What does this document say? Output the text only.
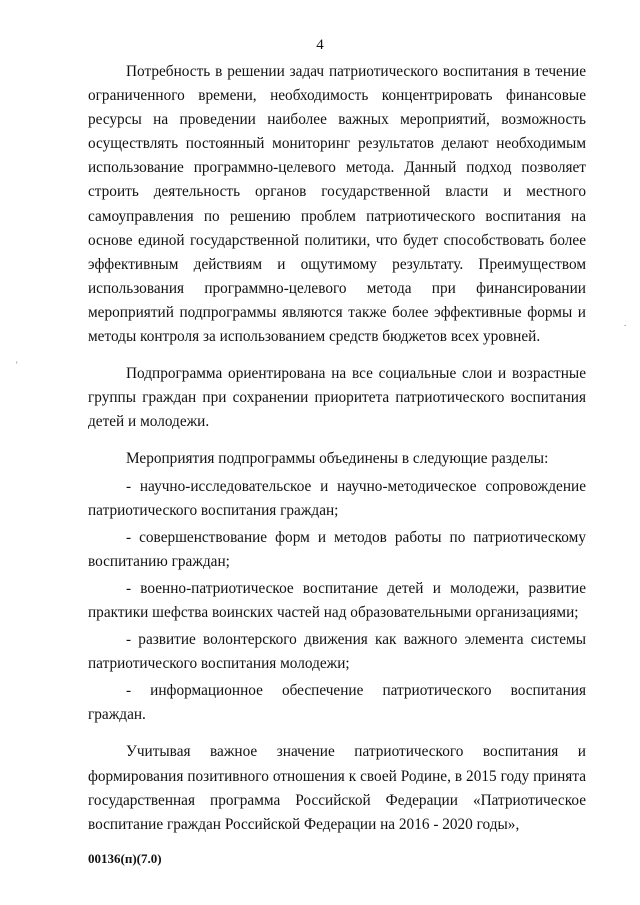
4

Потребность в решении задач патриотического воспитания в течение ограниченного времени, необходимость концентрировать финансовые ресурсы на проведении наиболее важных мероприятий, возможность осуществлять постоянный мониторинг результатов делают необходимым использование программно-целевого метода. Данный подход позволяет строить деятельность органов государственной власти и местного самоуправления по решению проблем патриотического воспитания на основе единой государственной политики, что будет способствовать более эффективным действиям и ощутимому результату. Преимуществом использования программно-целевого метода при финансировании мероприятий подпрограммы являются также более эффективные формы и методы контроля за использованием средств бюджетов всех уровней.

Подпрограмма ориентирована на все социальные слои и возрастные группы граждан при сохранении приоритета патриотического воспитания детей и молодежи.

Мероприятия подпрограммы объединены в следующие разделы:

- научно-исследовательское и научно-методическое сопровождение патриотического воспитания граждан;

- совершенствование форм и методов работы по патриотическому воспитанию граждан;

- военно-патриотическое воспитание детей и молодежи, развитие практики шефства воинских частей над образовательными организациями;

- развитие волонтерского движения как важного элемента системы патриотического воспитания молодежи;

- информационное обеспечение патриотического воспитания граждан.

Учитывая важное значение патриотического воспитания и формирования позитивного отношения к своей Родине, в 2015 году принята государственная программа Российской Федерации «Патриотическое воспитание граждан Российской Федерации на 2016 - 2020 годы»,

'
.
00136(п)(7.0)
